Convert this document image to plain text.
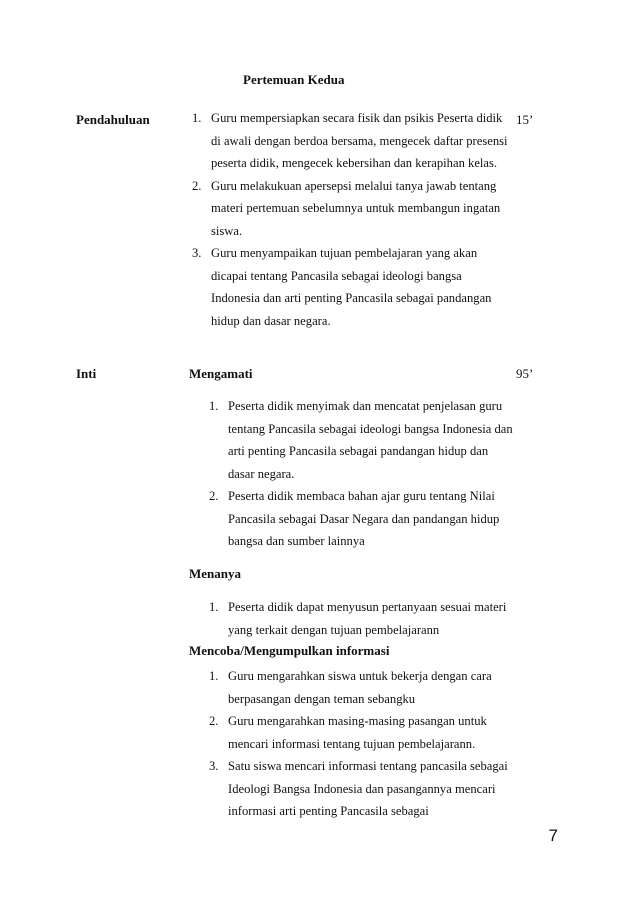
Pertemuan Kedua
Pendahuluan	15’
1. Guru mempersiapkan secara fisik dan psikis Peserta didik di awali dengan berdoa bersama, mengecek daftar presensi peserta didik, mengecek kebersihan dan kerapihan kelas.
2. Guru melakukuan apersepsi melalui tanya jawab tentang materi pertemuan sebelumnya untuk membangun ingatan siswa.
3. Guru menyampaikan tujuan pembelajaran yang akan dicapai tentang Pancasila sebagai ideologi bangsa Indonesia dan arti penting Pancasila sebagai pandangan hidup dan dasar negara.
Inti	95’
Mengamati
1. Peserta didik menyimak dan mencatat penjelasan guru tentang Pancasila sebagai ideologi bangsa Indonesia dan arti penting Pancasila sebagai pandangan hidup dan dasar negara.
2. Peserta didik membaca bahan ajar guru tentang Nilai Pancasila sebagai Dasar Negara dan pandangan hidup bangsa dan sumber lainnya
Menanya
1. Peserta didik dapat menyusun pertanyaan sesuai materi yang terkait dengan tujuan pembelajarann
Mencoba/Mengumpulkan informasi
1. Guru mengarahkan siswa untuk bekerja dengan cara berpasangan dengan teman sebangku
2. Guru mengarahkan masing-masing pasangan untuk mencari informasi tentang tujuan pembelajarann.
3. Satu siswa mencari informasi tentang pancasila sebagai Ideologi Bangsa Indonesia dan pasangannya mencari informasi arti penting Pancasila sebagai
7
